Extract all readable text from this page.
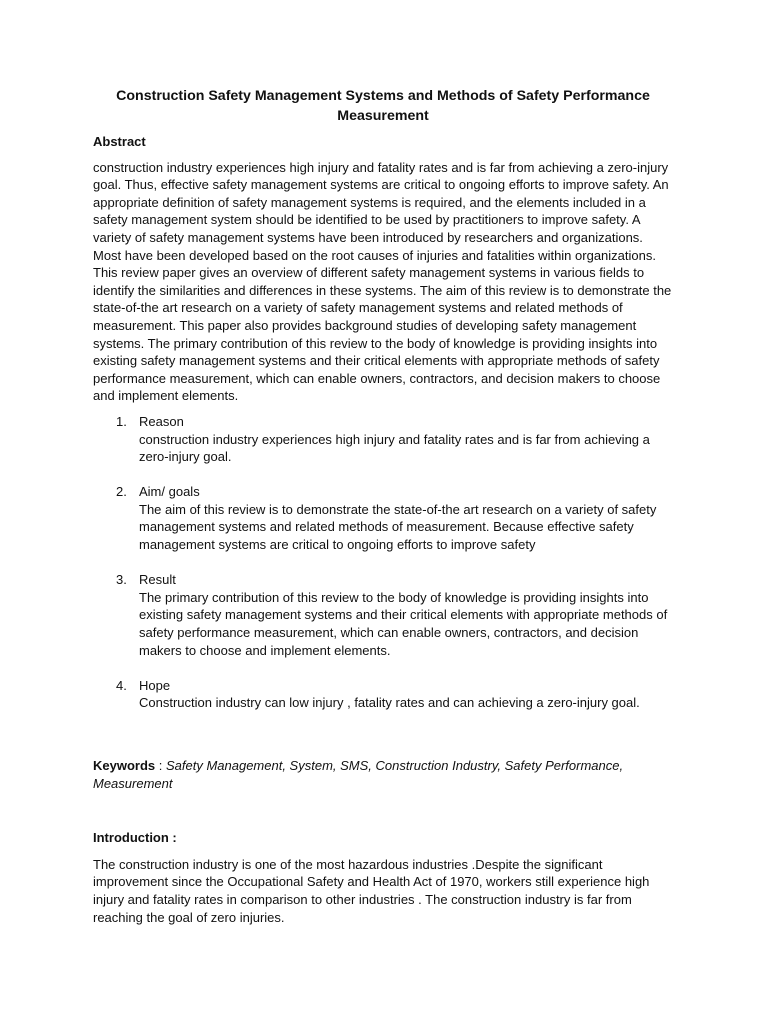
Construction Safety Management Systems and Methods of Safety Performance Measurement
Abstract

construction industry experiences high injury and fatality rates and is far from achieving a zero-injury goal. Thus, effective safety management systems are critical to ongoing efforts to improve safety. An appropriate definition of safety management systems is required, and the elements included in a safety management system should be identified to be used by practitioners to improve safety. A variety of safety management systems have been introduced by researchers and organizations. Most have been developed based on the root causes of injuries and fatalities within organizations. This review paper gives an overview of different safety management systems in various fields to identify the similarities and differences in these systems. The aim of this review is to demonstrate the state-of-the art research on a variety of safety management systems and related methods of measurement. This paper also provides background studies of developing safety management systems. The primary contribution of this review to the body of knowledge is providing insights into existing safety management systems and their critical elements with appropriate methods of safety performance measurement, which can enable owners, contractors, and decision makers to choose and implement elements.

1. Reason
construction industry experiences high injury and fatality rates and is far from achieving a zero-injury goal.
2. Aim/ goals
The aim of this review is to demonstrate the state-of-the art research on a variety of safety management systems and related methods of measurement. Because effective safety management systems are critical to ongoing efforts to improve safety
3. Result
The primary contribution of this review to the body of knowledge is providing insights into existing safety management systems and their critical elements with appropriate methods of safety performance measurement, which can enable owners, contractors, and decision makers to choose and implement elements.
4. Hope
Construction industry can low injury , fatality rates and can achieving a zero-injury goal.

Keywords : Safety Management, System, SMS, Construction Industry, Safety Performance, Measurement

Introduction :

The construction industry is one of the most hazardous industries .Despite the significant improvement since the Occupational Safety and Health Act of 1970, workers still experience high injury and fatality rates in comparison to other industries . The construction industry is far from reaching the goal of zero injuries.
